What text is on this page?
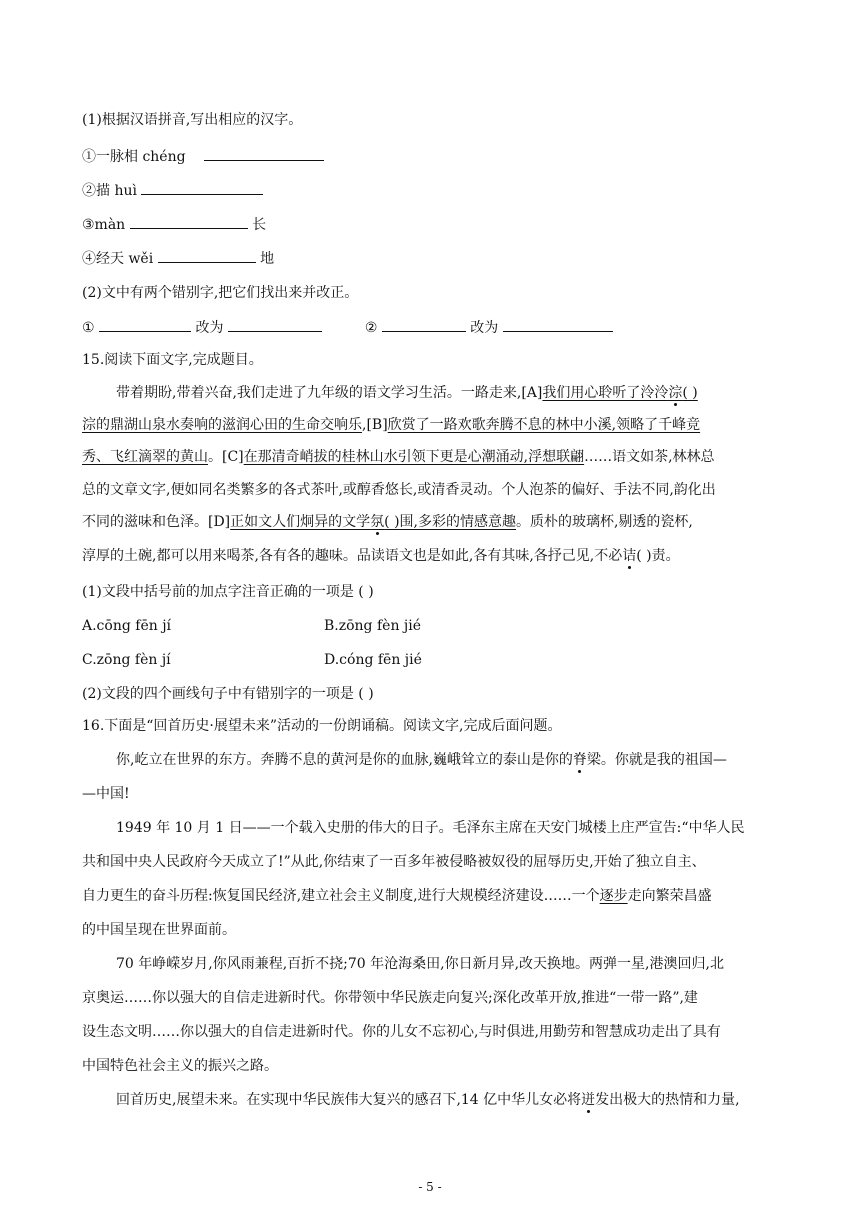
(1)根据汉语拼音,写出相应的汉字。
①一脉相 chéng
②描 huì
③màn	长
④经天 wěi	地
(2)文中有两个错别字,把它们找出来并改正。
①	改为	②	改为
15.阅读下面文字,完成题目。
带着期盼,带着兴奋,我们走进了九年级的语文学习生活。一路走来,[A]我们用心聆听了泠泠淙( )
淙的鼎湖山泉水奏响的滋润心田的生命交响乐,[B]欣赏了一路欢歌奔腾不息的林中小溪,领略了千峰竞
秀、飞红滴翠的黄山。[C]在那清奇峭拔的桂林山水引领下更是心潮涌动,浮想联翩……语文如茶,林林总
总的文章文字,便如同名类繁多的各式茶叶,或醇香悠长,或清香灵动。个人泡茶的偏好、手法不同,韵化出
不同的滋味和色泽。[D]正如文人们炯异的文学氛( )围,多彩的情感意趣。质朴的玻璃杯,剔透的瓷杯,
淳厚的土碗,都可以用来喝茶,各有各的趣味。品读语文也是如此,各有其味,各抒己见,不必诘( )责。
(1)文段中括号前的加点字注音正确的一项是 ( )
A.cōng fēn jí	B.zōng fèn jié
C.zōng fèn jí	D.cóng fēn jié
(2)文段的四个画线句子中有错别字的一项是 ( )
16.下面是“回首历史·展望未来”活动的一份朗诵稿。阅读文字,完成后面问题。
你,屹立在世界的东方。奔腾不息的黄河是你的血脉,巍峨耸立的泰山是你的脊梁。你就是我的祖国—
—中国!
1949 年 10 月 1 日——一个载入史册的伟大的日子。毛泽东主席在天安门城楼上庄严宣告:“中华人民
共和国中央人民政府今天成立了!”从此,你结束了一百多年被侵略被奴役的屈辱历史,开始了独立自主、
自力更生的奋斗历程:恢复国民经济,建立社会主义制度,进行大规模经济建设……一个逐步走向繁荣昌盛
的中国呈现在世界面前。
70 年峥嵘岁月,你风雨兼程,百折不挠;70 年沧海桑田,你日新月异,改天换地。两弹一星,港澳回归,北
京奥运……你以强大的自信走进新时代。你带领中华民族走向复兴;深化改革开放,推进“一带一路”,建
设生态文明……你以强大的自信走进新时代。你的儿女不忘初心,与时俱进,用勤劳和智慧成功走出了具有
中国特色社会主义的振兴之路。
回首历史,展望未来。在实现中华民族伟大复兴的感召下,14 亿中华儿女必将迸发出极大的热情和力量,
- 5 -
